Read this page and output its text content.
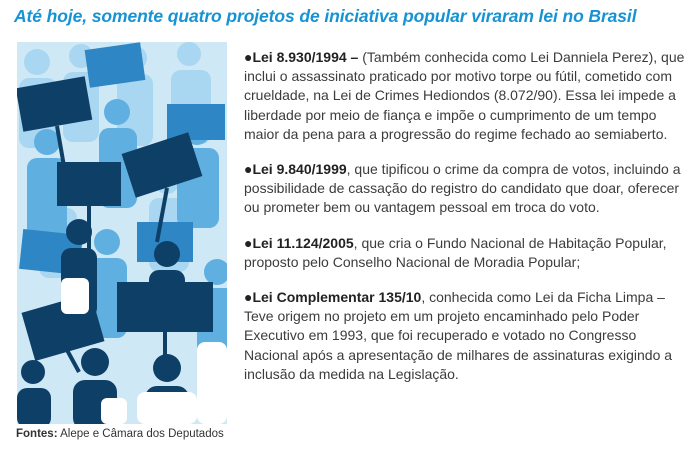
Até hoje, somente quatro projetos de iniciativa popular viraram lei no Brasil

●Lei 8.930/1994 – (Também conhecida como Lei Danniela Perez), que inclui o assassinato praticado por motivo torpe ou fútil, cometido com crueldade, na Lei de Crimes Hediondos (8.072/90). Essa lei impede a liberdade por meio de fiança e impõe o cumprimento de um tempo maior da pena para a progressão do regime fechado ao semiaberto.

●Lei 9.840/1999, que tipificou o crime da compra de votos, incluindo a possibilidade de cassação do registro do candidato que doar, oferecer ou prometer bem ou vantagem pessoal em troca do voto.

●Lei 11.124/2005, que cria o Fundo Nacional de Habitação Popular, proposto pelo Conselho Nacional de Moradia Popular;

●Lei Complementar 135/10, conhecida como Lei da Ficha Limpa – Teve origem no projeto em um projeto encaminhado pelo Poder Executivo em 1993, que foi recuperado e votado no Congresso Nacional após a apresentação de milhares de assinaturas exigindo a inclusão da medida na Legislação.

Fontes: Alepe e Câmara dos Deputados
